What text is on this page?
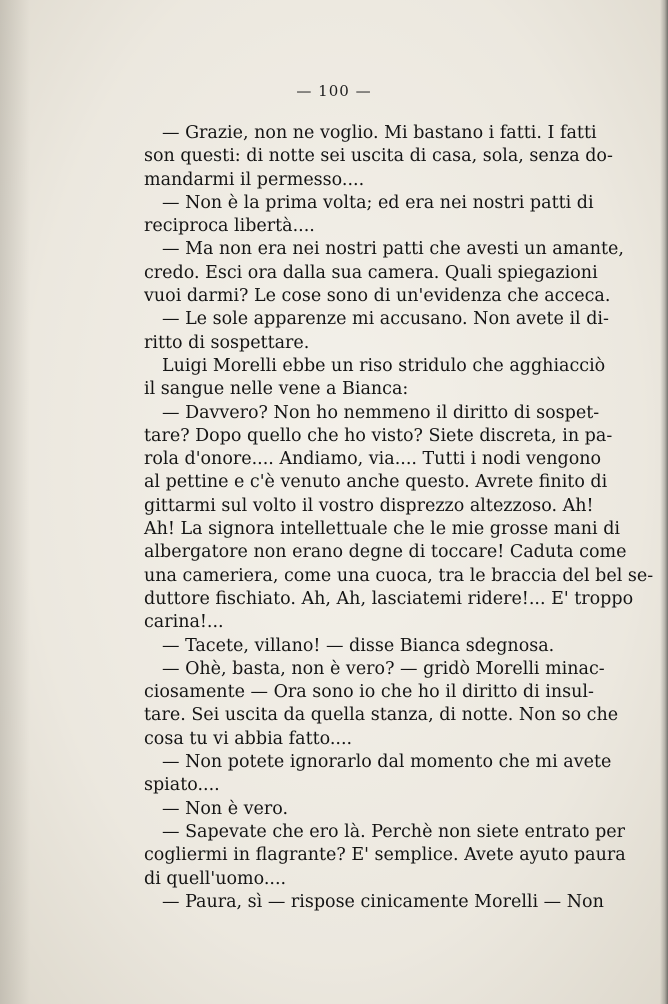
— 100 —
— Grazie, non ne voglio. Mi bastano i fatti. I fatti
son questi: di notte sei uscita di casa, sola, senza do-
mandarmi il permesso....
— Non è la prima volta; ed era nei nostri patti di
reciproca libertà....
— Ma non era nei nostri patti che avesti un amante,
credo. Esci ora dalla sua camera. Quali spiegazioni
vuoi darmi? Le cose sono di un'evidenza che acceca.
— Le sole apparenze mi accusano. Non avete il di-
ritto di sospettare.
Luigi Morelli ebbe un riso stridulo che agghiacciò
il sangue nelle vene a Bianca:
— Davvero? Non ho nemmeno il diritto di sospet-
tare? Dopo quello che ho visto? Siete discreta, in pa-
rola d'onore.... Andiamo, via.... Tutti i nodi vengono
al pettine e c'è venuto anche questo. Avrete finito di
gittarmi sul volto il vostro disprezzo altezzoso. Ah!
Ah! La signora intellettuale che le mie grosse mani di
albergatore non erano degne di toccare! Caduta come
una cameriera, come una cuoca, tra le braccia del bel se-
duttore fischiato. Ah, Ah, lasciatemi ridere!... E' troppo
carina!...
— Tacete, villano! — disse Bianca sdegnosa.
— Ohè, basta, non è vero? — gridò Morelli minac-
ciosamente — Ora sono io che ho il diritto di insul-
tare. Sei uscita da quella stanza, di notte. Non so che
cosa tu vi abbia fatto....
— Non potete ignorarlo dal momento che mi avete
spiato....
— Non è vero.
— Sapevate che ero là. Perchè non siete entrato per
cogliermi in flagrante? E' semplice. Avete ayuto paura
di quell'uomo....
— Paura, sì — rispose cinicamente Morelli — Non
